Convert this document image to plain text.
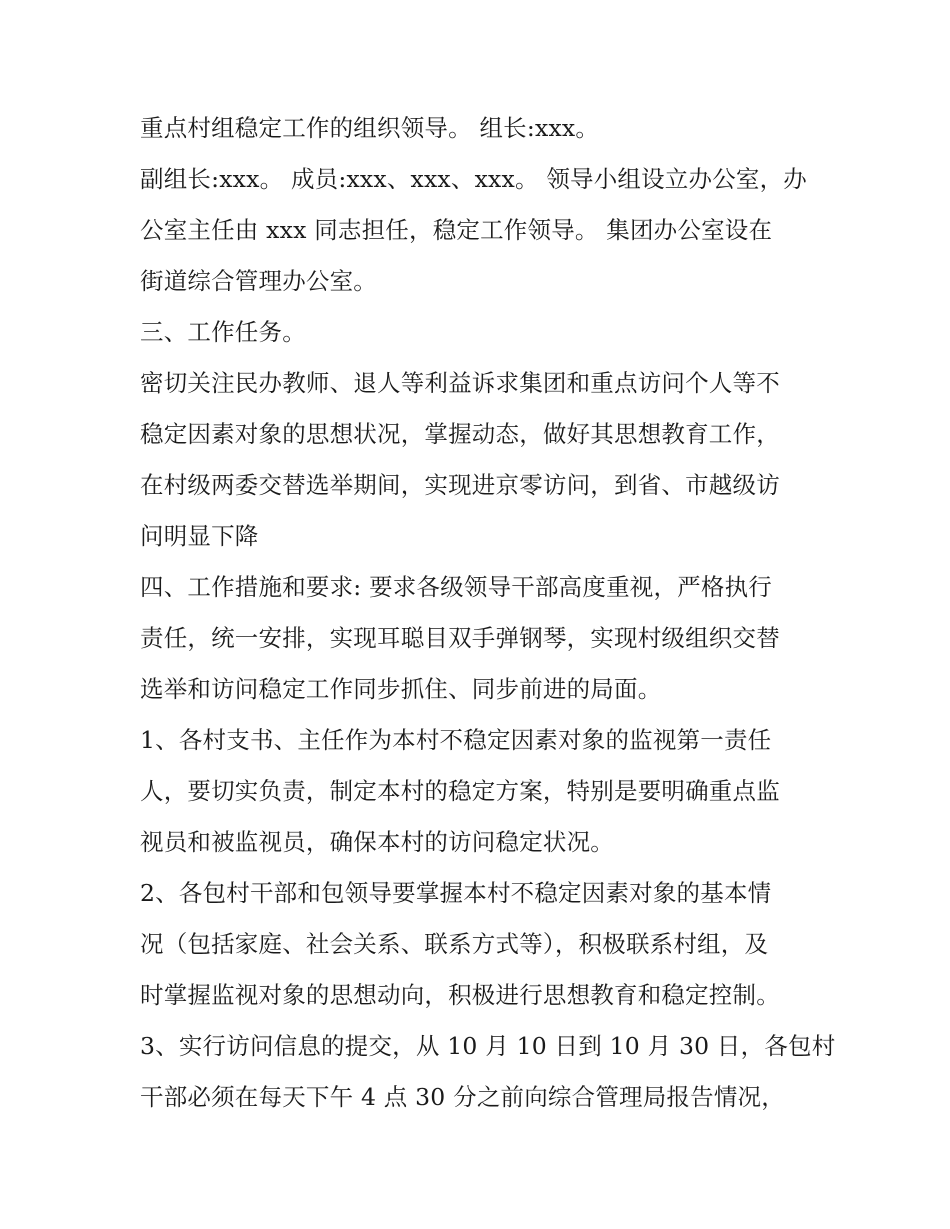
重点村组稳定工作的组织领导。 组长:xxx。
副组长:xxx。 成员:xxx、xxx、xxx。 领导小组设立办公室，办
公室主任由 xxx 同志担任，稳定工作领导。 集团办公室设在
街道综合管理办公室。
三、工作任务。
密切关注民办教师、退人等利益诉求集团和重点访问个人等不
稳定因素对象的思想状况，掌握动态，做好其思想教育工作，
在村级两委交替选举期间，实现进京零访问，到省、市越级访
问明显下降
四、工作措施和要求: 要求各级领导干部高度重视，严格执行
责任，统一安排，实现耳聪目双手弹钢琴，实现村级组织交替
选举和访问稳定工作同步抓住、同步前进的局面。
1、各村支书、主任作为本村不稳定因素对象的监视第一责任
人，要切实负责，制定本村的稳定方案，特别是要明确重点监
视员和被监视员，确保本村的访问稳定状况。
2、各包村干部和包领导要掌握本村不稳定因素对象的基本情
况（包括家庭、社会关系、联系方式等），积极联系村组，及
时掌握监视对象的思想动向，积极进行思想教育和稳定控制。
3、实行访问信息的提交，从 10 月 10 日到 10 月 30 日，各包村
干部必须在每天下午 4 点 30 分之前向综合管理局报告情况，
